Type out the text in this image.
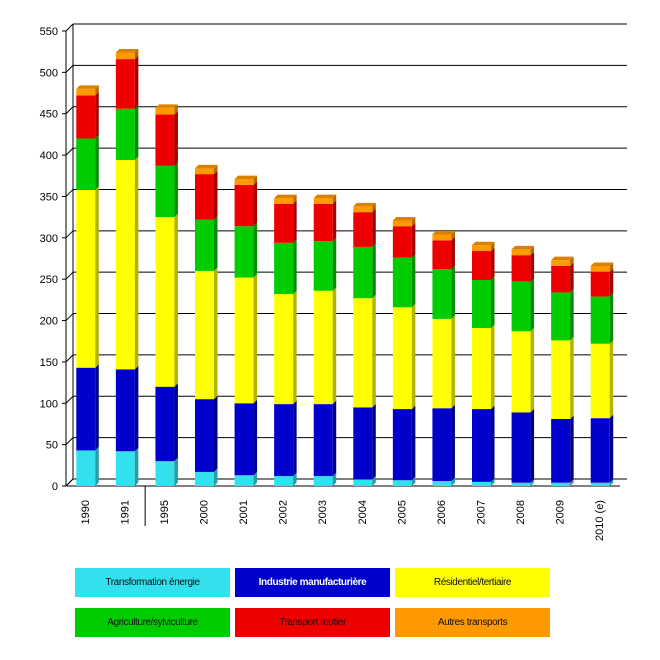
0
50
100
150
200
250
300
350
400
450
500
550
1990	1991	1995	2000	2001	2002	2003	2004	2005	2006	2007	2008	2009	2010 (e)
Transformation énergie	Industrie manufacturière	Résidentiel/tertiaire
Agriculture/sylviculture	Transport routier	Autres transports
